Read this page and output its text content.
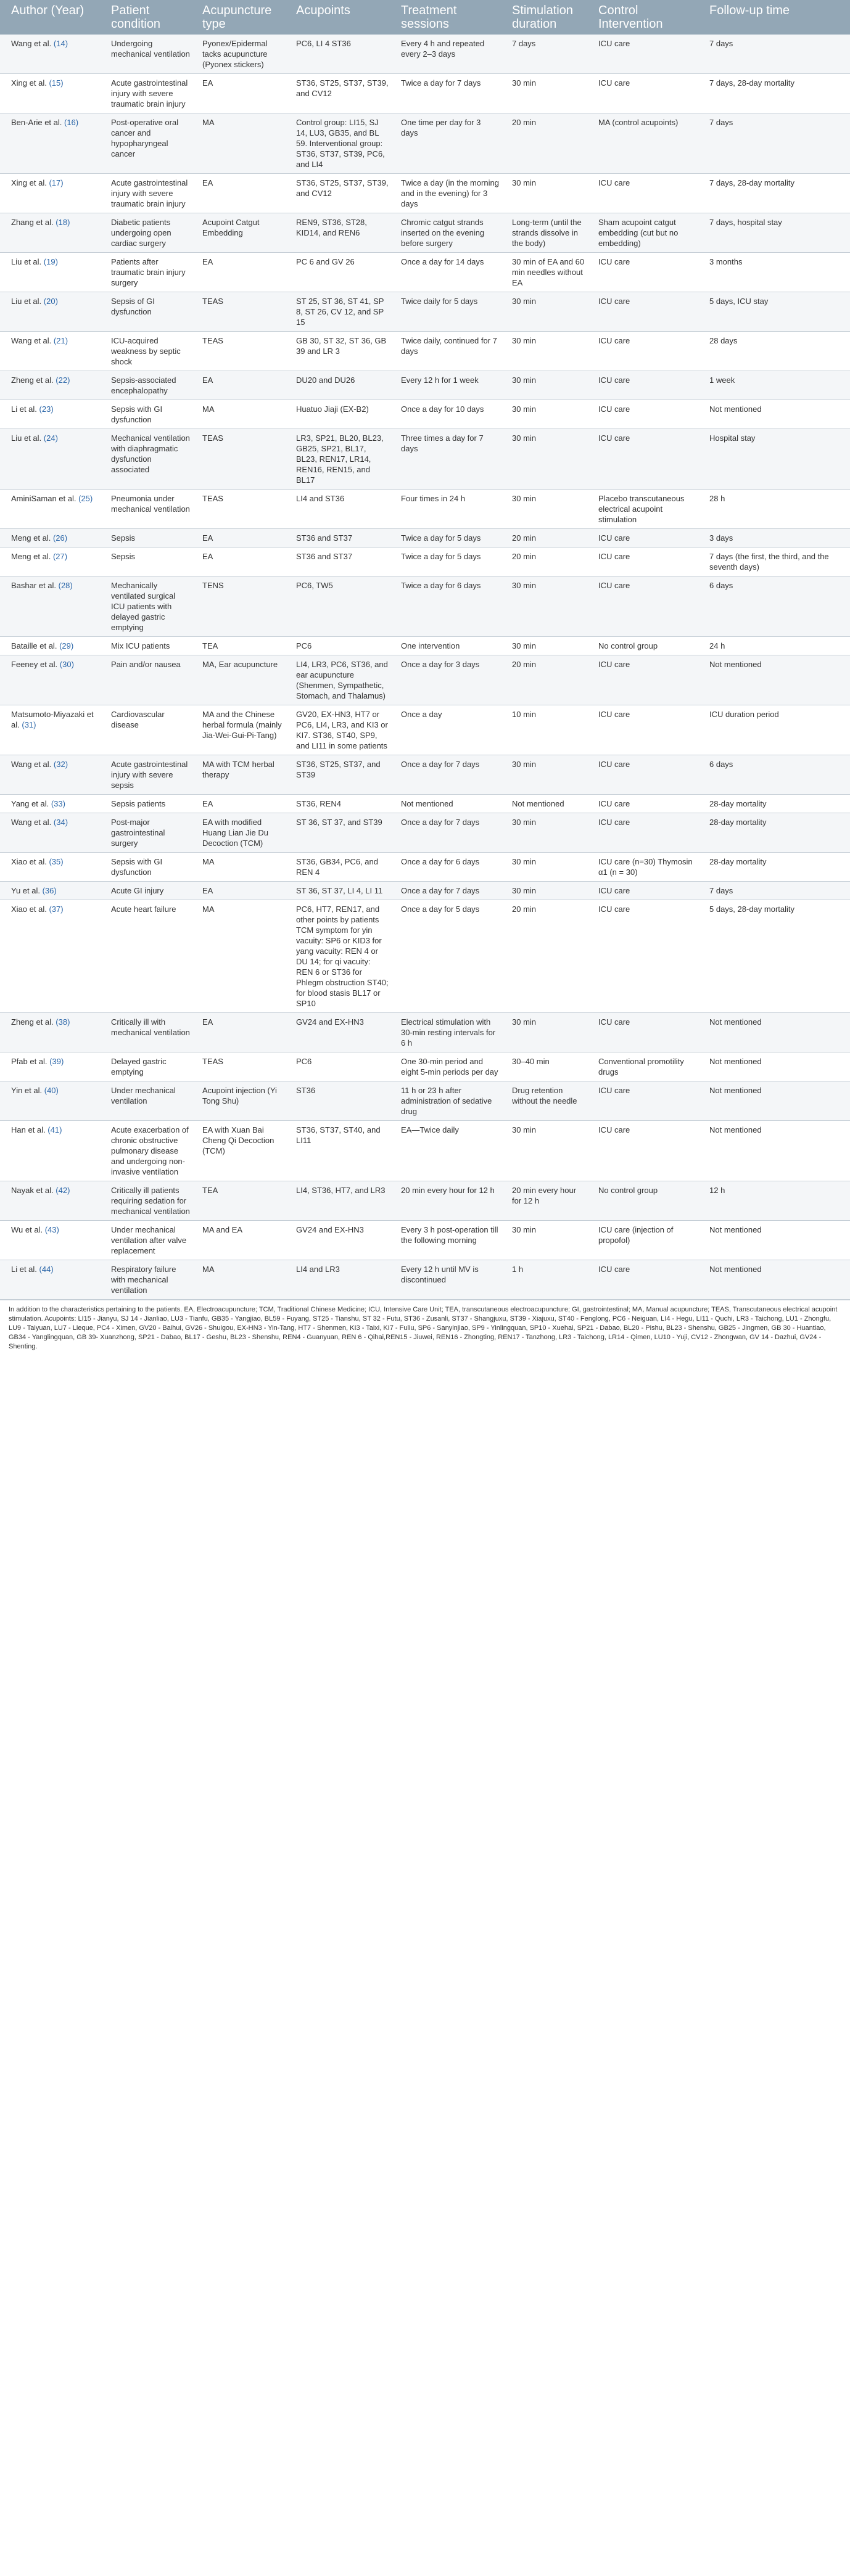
Author (Year)	Patient condition	Acupuncture type	Acupoints	Treatment sessions	Stimulation duration	Control Intervention	Follow-up time
Wang et al. (14)	Undergoing mechanical ventilation	Pyonex/Epidermal tacks acupuncture (Pyonex stickers)	PC6, LI 4 ST36	Every 4 h and repeated every 2–3 days	7 days	ICU care	7 days
Xing et al. (15)	Acute gastrointestinal injury with severe traumatic brain injury	EA	ST36, ST25, ST37, ST39, and CV12	Twice a day for 7 days	30 min	ICU care	7 days, 28-day mortality
Ben-Arie et al. (16)	Post-operative oral cancer and hypopharyngeal cancer	MA	Control group: LI15, SJ 14, LU3, GB35, and BL 59. Interventional group: ST36, ST37, ST39, PC6, and LI4	One time per day for 3 days	20 min	MA (control acupoints)	7 days
Xing et al. (17)	Acute gastrointestinal injury with severe traumatic brain injury	EA	ST36, ST25, ST37, ST39, and CV12	Twice a day (in the morning and in the evening) for 3 days	30 min	ICU care	7 days, 28-day mortality
Zhang et al. (18)	Diabetic patients undergoing open cardiac surgery	Acupoint Catgut Embedding	REN9, ST36, ST28, KID14, and REN6	Chromic catgut strands inserted on the evening before surgery	Long-term (until the strands dissolve in the body)	Sham acupoint catgut embedding (cut but no embedding)	7 days, hospital stay
Liu et al. (19)	Patients after traumatic brain injury surgery	EA	PC 6 and GV 26	Once a day for 14 days	30 min of EA and 60 min needles without EA	ICU care	3 months
Liu et al. (20)	Sepsis of GI dysfunction	TEAS	ST 25, ST 36, ST 41, SP 8, ST 26, CV 12, and SP 15	Twice daily for 5 days	30 min	ICU care	5 days, ICU stay
Wang et al. (21)	ICU-acquired weakness by septic shock	TEAS	GB 30, ST 32, ST 36, GB 39 and LR 3	Twice daily, continued for 7 days	30 min	ICU care	28 days
Zheng et al. (22)	Sepsis-associated encephalopathy	EA	DU20 and DU26	Every 12 h for 1 week	30 min	ICU care	1 week
Li et al. (23)	Sepsis with GI dysfunction	MA	Huatuo Jiaji (EX-B2)	Once a day for 10 days	30 min	ICU care	Not mentioned
Liu et al. (24)	Mechanical ventilation with diaphragmatic dysfunction associated	TEAS	LR3, SP21, BL20, BL23, GB25, SP21, BL17, BL23, REN17, LR14, REN16, REN15, and BL17	Three times a day for 7 days	30 min	ICU care	Hospital stay
AminiSaman et al. (25)	Pneumonia under mechanical ventilation	TEAS	LI4 and ST36	Four times in 24 h	30 min	Placebo transcutaneous electrical acupoint stimulation	28 h
Meng et al. (26)	Sepsis	EA	ST36 and ST37	Twice a day for 5 days	20 min	ICU care	3 days
Meng et al. (27)	Sepsis	EA	ST36 and ST37	Twice a day for 5 days	20 min	ICU care	7 days (the first, the third, and the seventh days)
Bashar et al. (28)	Mechanically ventilated surgical ICU patients with delayed gastric emptying	TENS	PC6, TW5	Twice a day for 6 days	30 min	ICU care	6 days
Bataille et al. (29)	Mix ICU patients	TEA	PC6	One intervention	30 min	No control group	24 h
Feeney et al. (30)	Pain and/or nausea	MA, Ear acupuncture	LI4, LR3, PC6, ST36, and ear acupuncture (Shenmen, Sympathetic, Stomach, and Thalamus)	Once a day for 3 days	20 min	ICU care	Not mentioned
Matsumoto-Miyazaki et al. (31)	Cardiovascular disease	MA and the Chinese herbal formula (mainly Jia-Wei-Gui-Pi-Tang)	GV20, EX-HN3, HT7 or PC6, LI4, LR3, and KI3 or KI7. ST36, ST40, SP9, and LI11 in some patients	Once a day	10 min	ICU care	ICU duration period
Wang et al. (32)	Acute gastrointestinal injury with severe sepsis	MA with TCM herbal therapy	ST36, ST25, ST37, and ST39	Once a day for 7 days	30 min	ICU care	6 days
Yang et al. (33)	Sepsis patients	EA	ST36, REN4	Not mentioned	Not mentioned	ICU care	28-day mortality
Wang et al. (34)	Post-major gastrointestinal surgery	EA with modified Huang Lian Jie Du Decoction (TCM)	ST 36, ST 37, and ST39	Once a day for 7 days	30 min	ICU care	28-day mortality
Xiao et al. (35)	Sepsis with GI dysfunction	MA	ST36, GB34, PC6, and REN 4	Once a day for 6 days	30 min	ICU care (n=30) Thymosin α1 (n = 30)	28-day mortality
Yu et al. (36)	Acute GI injury	EA	ST 36, ST 37, LI 4, LI 11	Once a day for 7 days	30 min	ICU care	7 days
Xiao et al. (37)	Acute heart failure	MA	PC6, HT7, REN17, and other points by patients TCM symptom for yin vacuity: SP6 or KID3 for yang vacuity: REN 4 or DU 14; for qi vacuity: REN 6 or ST36 for Phlegm obstruction ST40; for blood stasis BL17 or SP10	Once a day for 5 days	20 min	ICU care	5 days, 28-day mortality
Zheng et al. (38)	Critically ill with mechanical ventilation	EA	GV24 and EX-HN3	Electrical stimulation with 30-min resting intervals for 6 h	30 min	ICU care	Not mentioned
Pfab et al. (39)	Delayed gastric emptying	TEAS	PC6	One 30-min period and eight 5-min periods per day	30–40 min	Conventional promotility drugs	Not mentioned
Yin et al. (40)	Under mechanical ventilation	Acupoint injection (Yi Tong Shu)	ST36	11 h or 23 h after administration of sedative drug	Drug retention without the needle	ICU care	Not mentioned
Han et al. (41)	Acute exacerbation of chronic obstructive pulmonary disease and undergoing non-invasive ventilation	EA with Xuan Bai Cheng Qi Decoction (TCM)	ST36, ST37, ST40, and LI11	EA—Twice daily	30 min	ICU care	Not mentioned
Nayak et al. (42)	Critically ill patients requiring sedation for mechanical ventilation	TEA	LI4, ST36, HT7, and LR3	20 min every hour for 12 h	20 min every hour for 12 h	No control group	12 h
Wu et al. (43)	Under mechanical ventilation after valve replacement	MA and EA	GV24 and EX-HN3	Every 3 h post-operation till the following morning	30 min	ICU care (injection of propofol)	Not mentioned
Li et al. (44)	Respiratory failure with mechanical ventilation	MA	LI4 and LR3	Every 12 h until MV is discontinued	1 h	ICU care	Not mentioned
In addition to the characteristics pertaining to the patients. EA, Electroacupuncture; TCM, Traditional Chinese Medicine; ICU, Intensive Care Unit; TEA, transcutaneous electroacupuncture; GI, gastrointestinal; MA, Manual acupuncture; TEAS, Transcutaneous electrical acupoint stimulation. Acupoints: LI15 - Jianyu, SJ 14 - Jianliao, LU3 - Tianfu, GB35 - Yangjiao, BL59 - Fuyang, ST25 - Tianshu, ST 32 - Futu, ST36 - Zusanli, ST37 - Shangjuxu, ST39 - Xiajuxu, ST40 - Fenglong, PC6 - Neiguan, LI4 - Hegu, LI11 - Quchi, LR3 - Taichong, LU1 - Zhongfu, LU9 - Taiyuan, LU7 - Lieque, PC4 - Ximen, GV20 - Baihui, GV26 - Shuigou, EX-HN3 - Yin-Tang, HT7 - Shenmen, KI3 - Taixi, KI7 - Fuliu, SP6 - Sanyinjiao, SP9 - Yinlingquan, SP10 - Xuehai, SP21 - Dabao, BL20 - Pishu, BL23 - Shenshu, GB25 - Jingmen, GB 30 - Huantiao, GB34 - Yanglingquan, GB 39- Xuanzhong, SP21 - Dabao, BL17 - Geshu, BL23 - Shenshu, REN4 - Guanyuan, REN 6 - Qihai,REN15 - Jiuwei, REN16 - Zhongting, REN17 - Tanzhong, LR3 - Taichong, LR14 - Qimen, LU10 - Yuji, CV12 - Zhongwan, GV 14 - Dazhui, GV24 - Shenting.
